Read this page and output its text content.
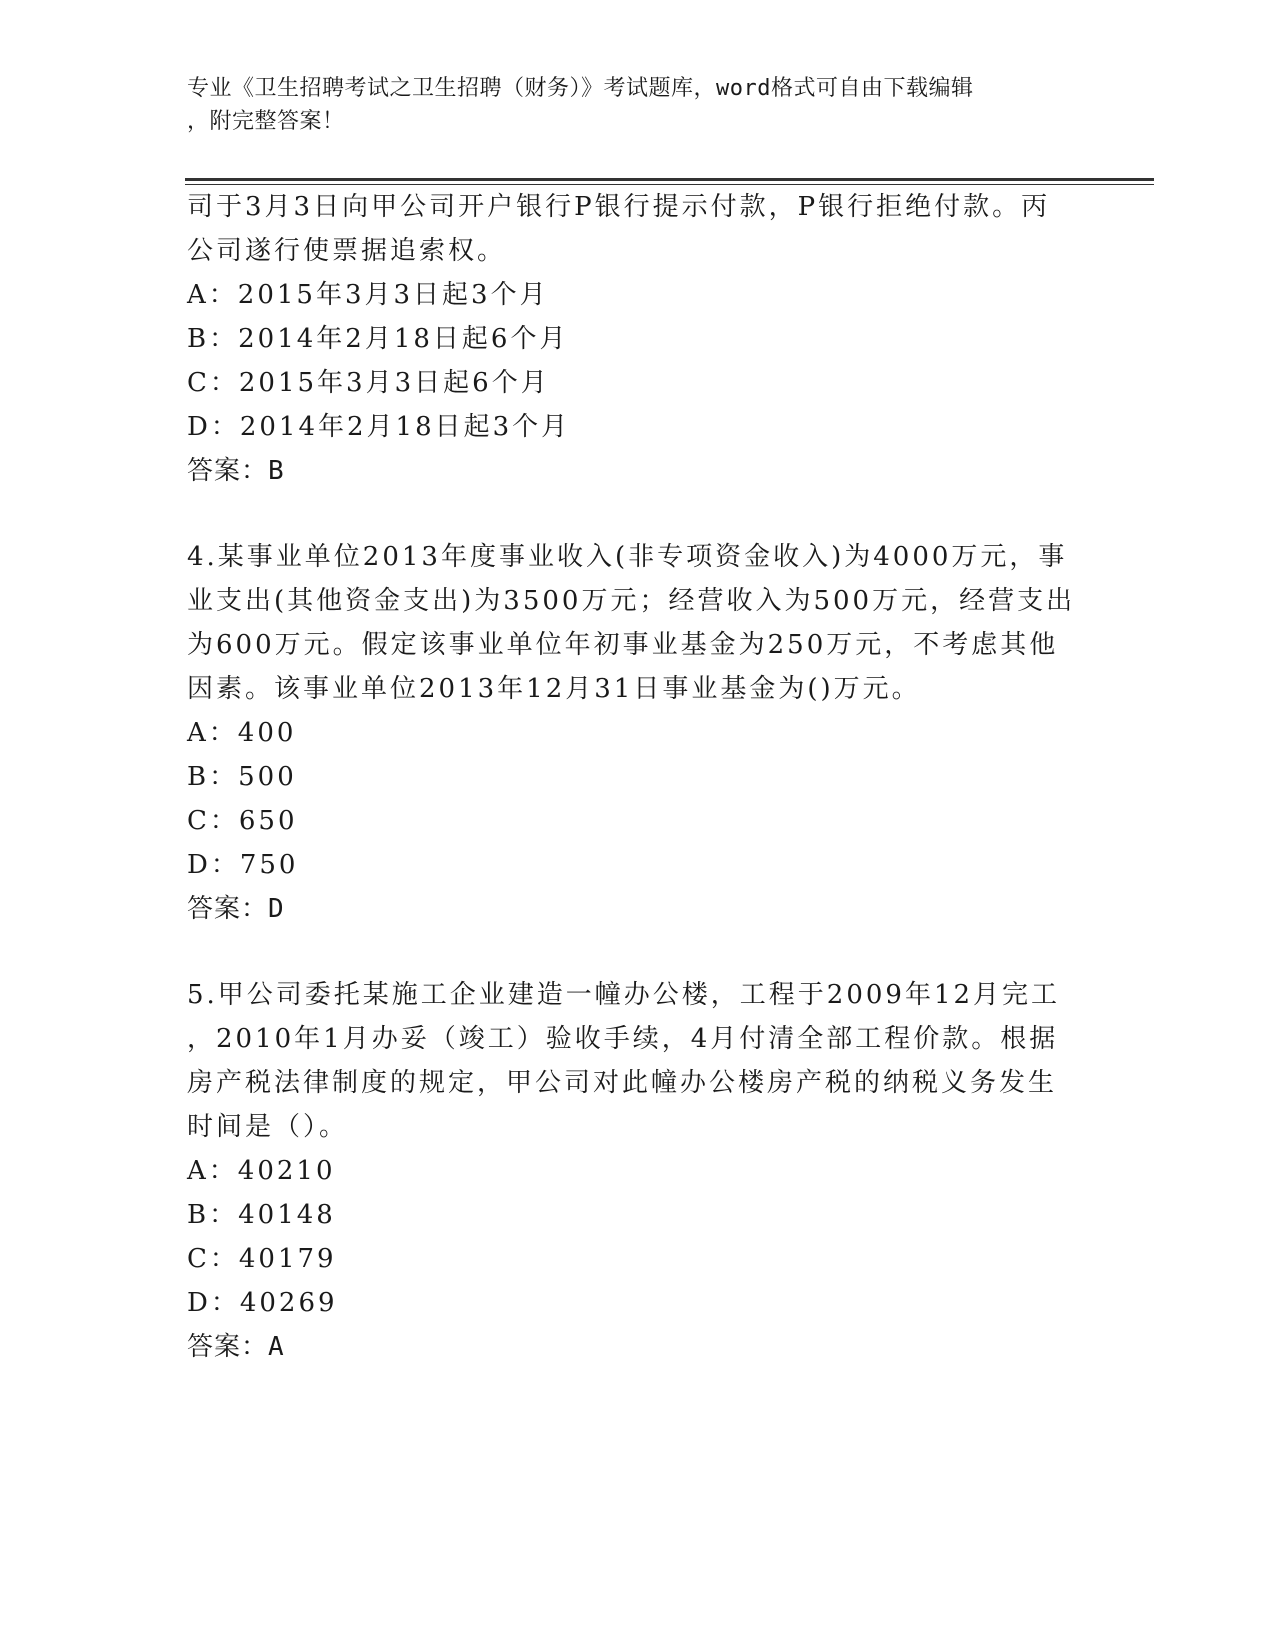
专业《卫生招聘考试之卫生招聘（财务）》考试题库，word格式可自由下载编辑
，附完整答案！
司于3月3日向甲公司开户银行P银行提示付款，P银行拒绝付款。丙
公司遂行使票据追索权。
A：2015年3月3日起3个月
B：2014年2月18日起6个月
C：2015年3月3日起6个月
D：2014年2月18日起3个月
答案：B
4.某事业单位2013年度事业收入(非专项资金收入)为4000万元，事
业支出(其他资金支出)为3500万元；经营收入为500万元，经营支出
为600万元。假定该事业单位年初事业基金为250万元，不考虑其他
因素。该事业单位2013年12月31日事业基金为()万元。
A：400
B：500
C：650
D：750
答案：D
5.甲公司委托某施工企业建造一幢办公楼，工程于2009年12月完工
，2010年1月办妥（竣工）验收手续，4月付清全部工程价款。根据
房产税法律制度的规定，甲公司对此幢办公楼房产税的纳税义务发生
时间是（）。
A：40210
B：40148
C：40179
D：40269
答案：A
